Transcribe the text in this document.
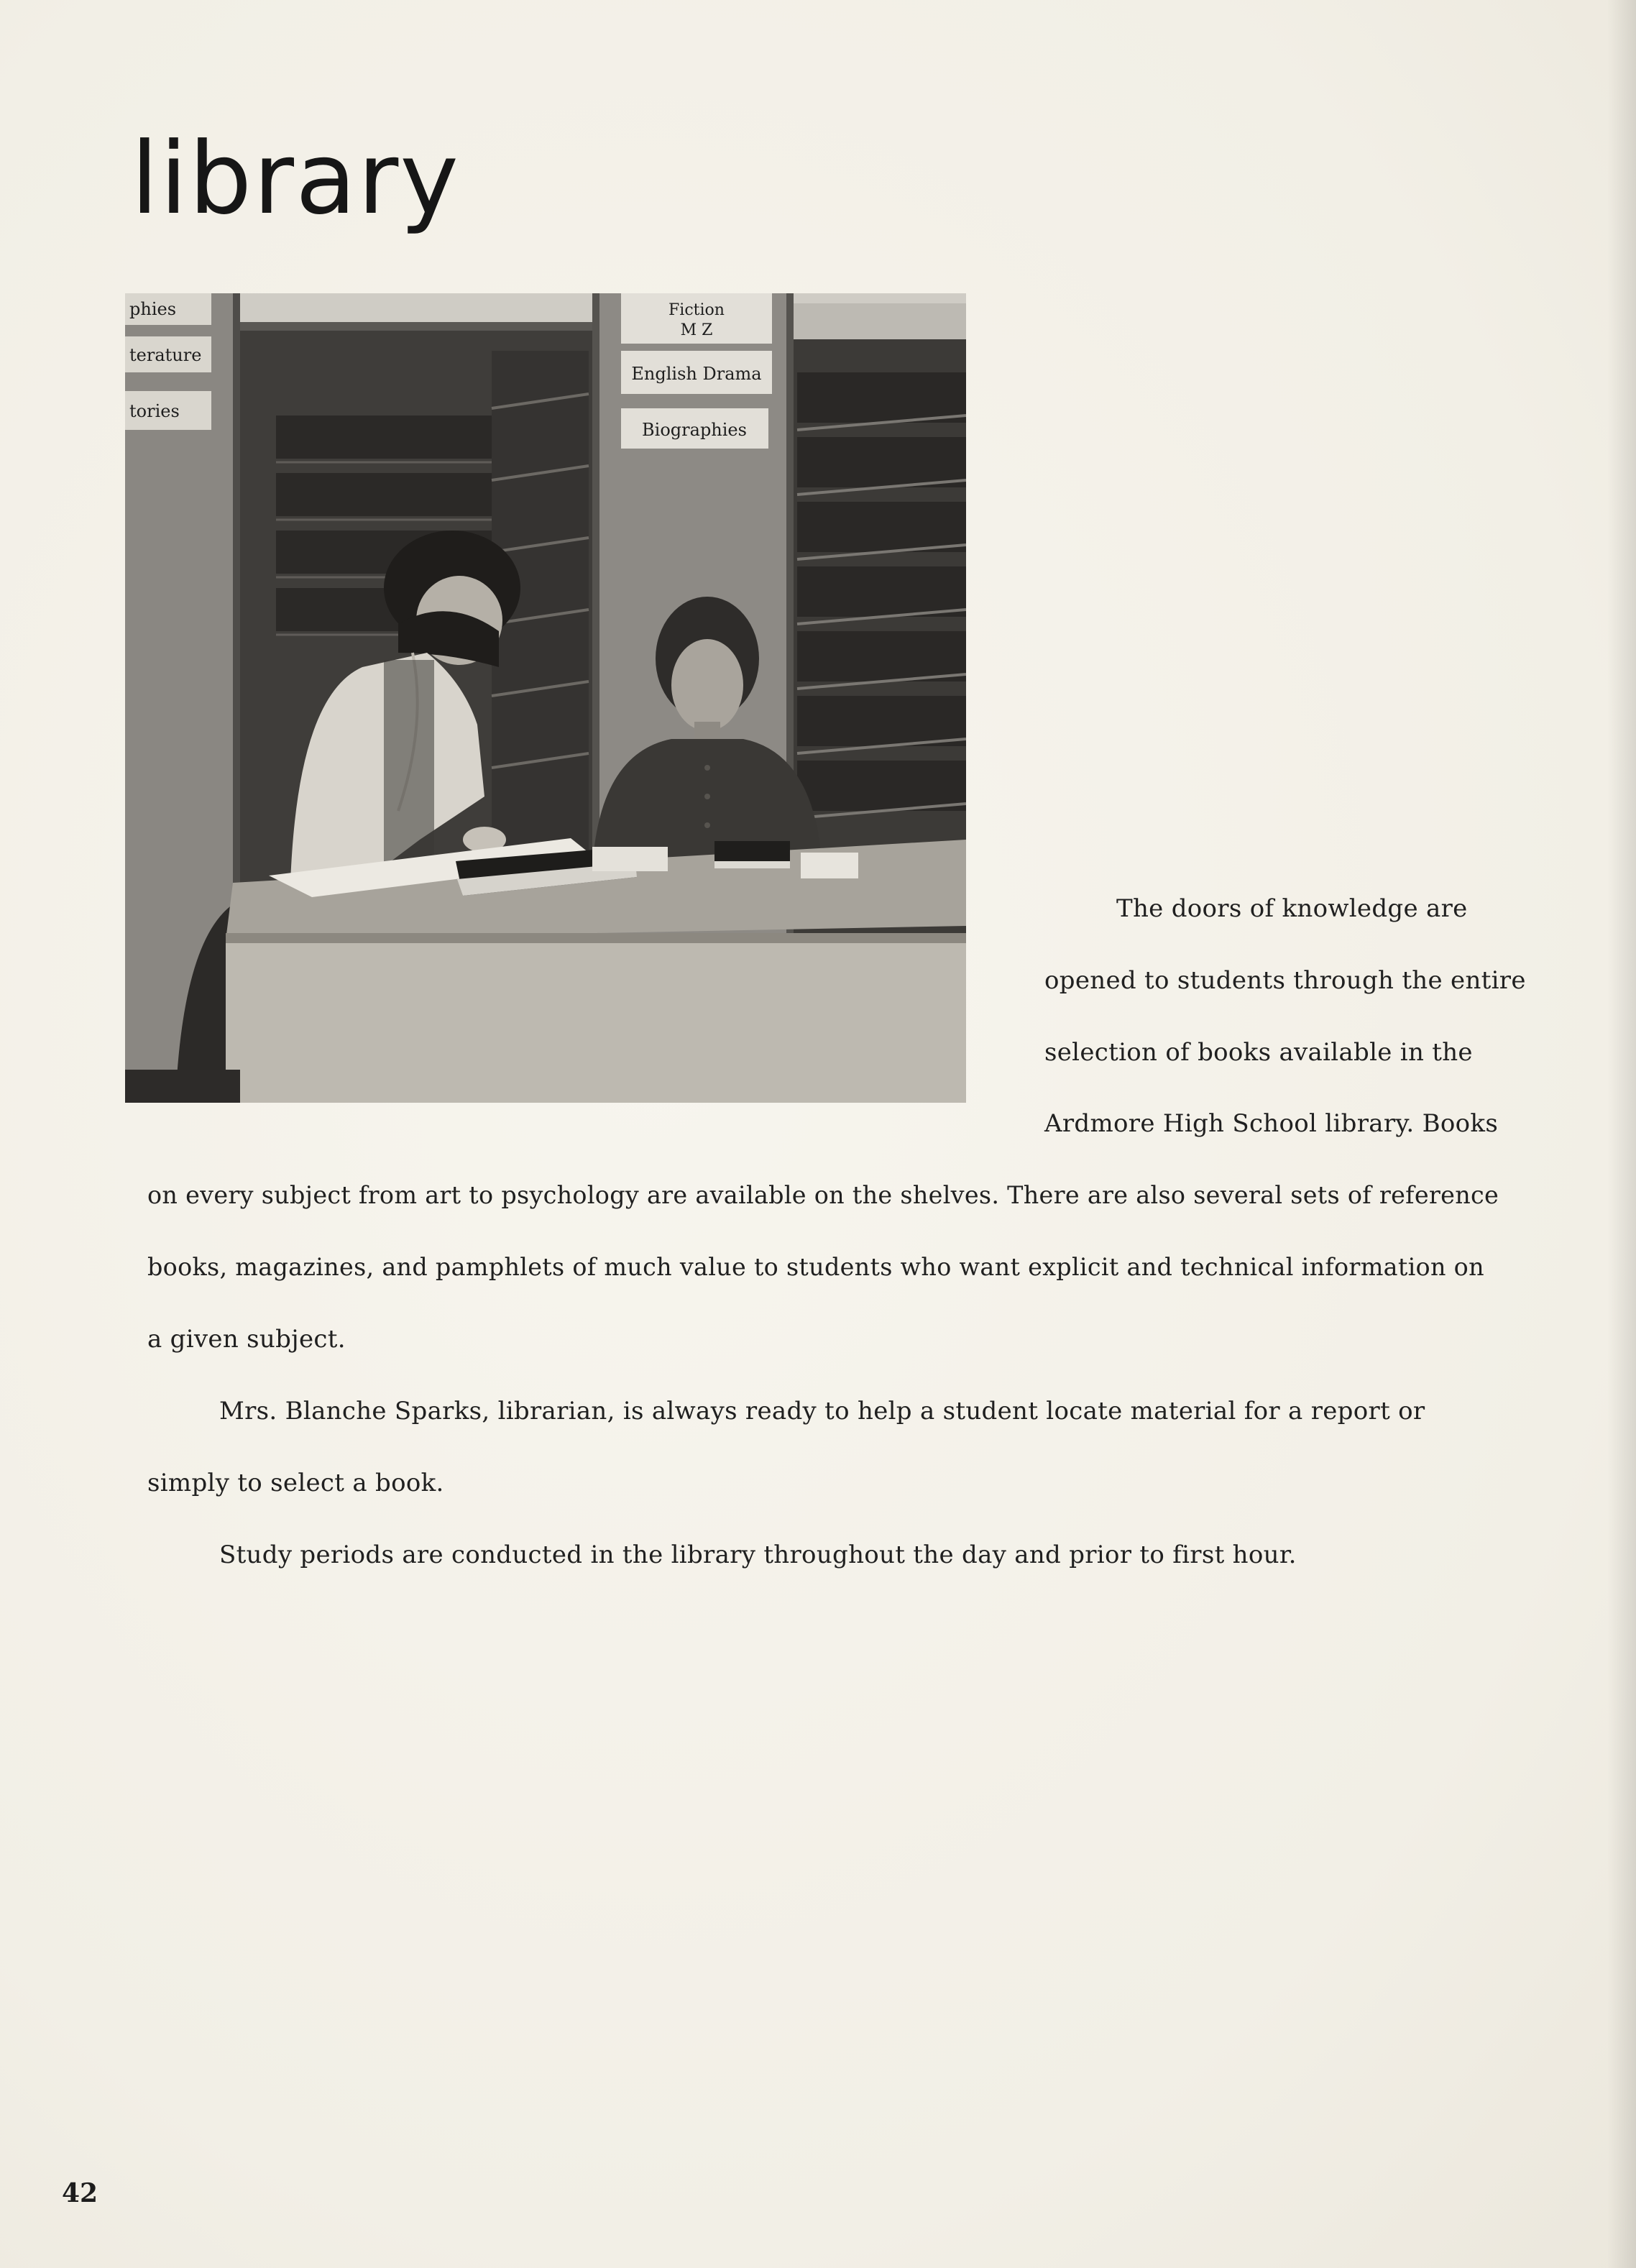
library
phies
terature
tories
Fiction
M Z
English Drama
Biographies
The doors of knowledge are
opened to students through the entire
selection of books available in the
Ardmore High School library. Books
on every subject from art to psychology are available on the shelves. There are also several sets of reference
books, magazines, and pamphlets of much value to students who want explicit and technical information on
a given subject.
Mrs. Blanche Sparks, librarian, is always ready to help a student locate material for a report or
simply to select a book.
Study periods are conducted in the library throughout the day and prior to first hour.
42
